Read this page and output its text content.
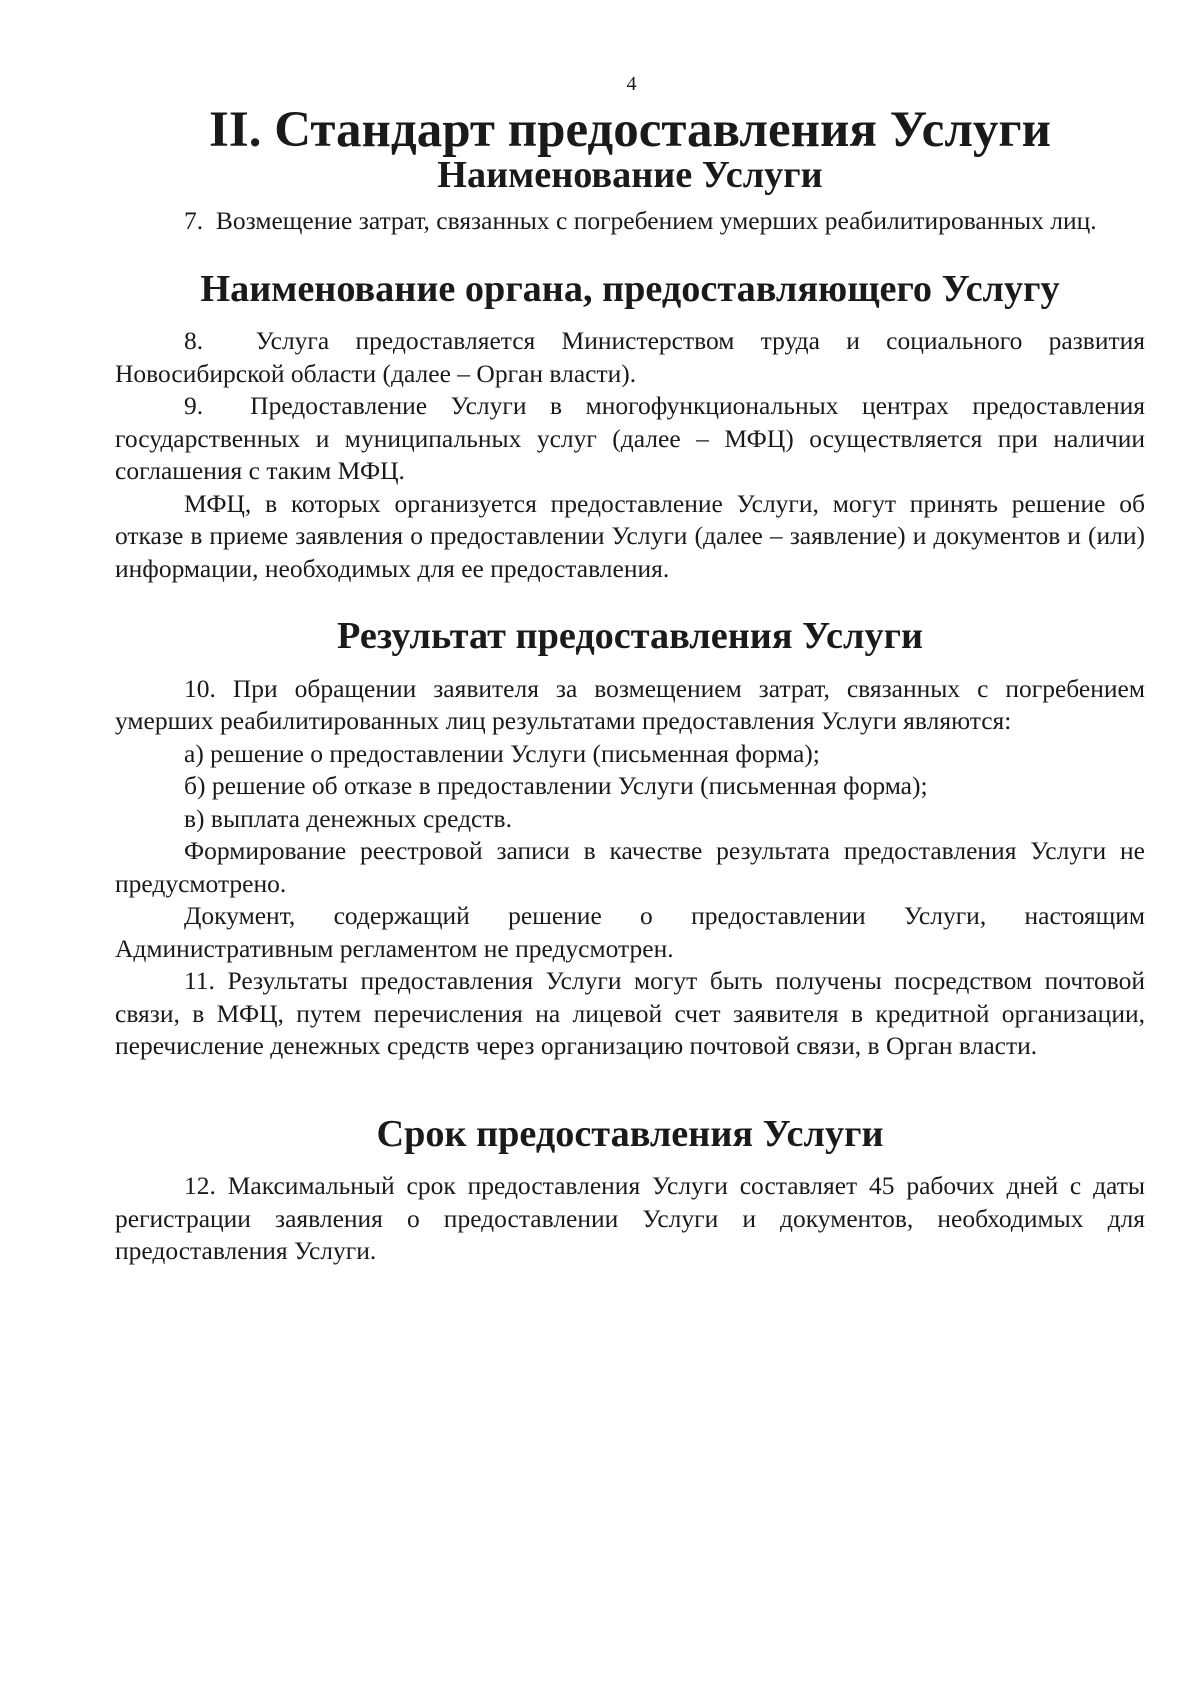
4
II. Стандарт предоставления Услуги
Наименование Услуги

7.  Возмещение затрат, связанных с погребением умерших реабилитированных лиц.

Наименование органа, предоставляющего Услугу

8.  Услуга предоставляется Министерством труда и социального развития Новосибирской области (далее – Орган власти).

9.  Предоставление Услуги в многофункциональных центрах предоставления государственных и муниципальных услуг (далее – МФЦ) осуществляется при наличии соглашения с таким МФЦ.

МФЦ, в которых организуется предоставление Услуги, могут принять решение об отказе в приеме заявления о предоставлении Услуги (далее – заявление) и документов и (или) информации, необходимых для ее предоставления.

Результат предоставления Услуги

10. При обращении заявителя за возмещением затрат, связанных с погребением умерших реабилитированных лиц результатами предоставления Услуги являются:

а) решение о предоставлении Услуги (письменная форма);

б) решение об отказе в предоставлении Услуги (письменная форма);

в) выплата денежных средств.

Формирование реестровой записи в качестве результата предоставления Услуги не предусмотрено.

Документ, содержащий решение о предоставлении Услуги, настоящим Административным регламентом не предусмотрен.

11. Результаты предоставления Услуги могут быть получены посредством почтовой связи, в МФЦ, путем перечисления на лицевой счет заявителя в кредитной организации, перечисление денежных средств через организацию почтовой связи, в Орган власти.

Срок предоставления Услуги

12. Максимальный срок предоставления Услуги составляет 45 рабочих дней с даты регистрации заявления о предоставлении Услуги и документов, необходимых для предоставления Услуги.
